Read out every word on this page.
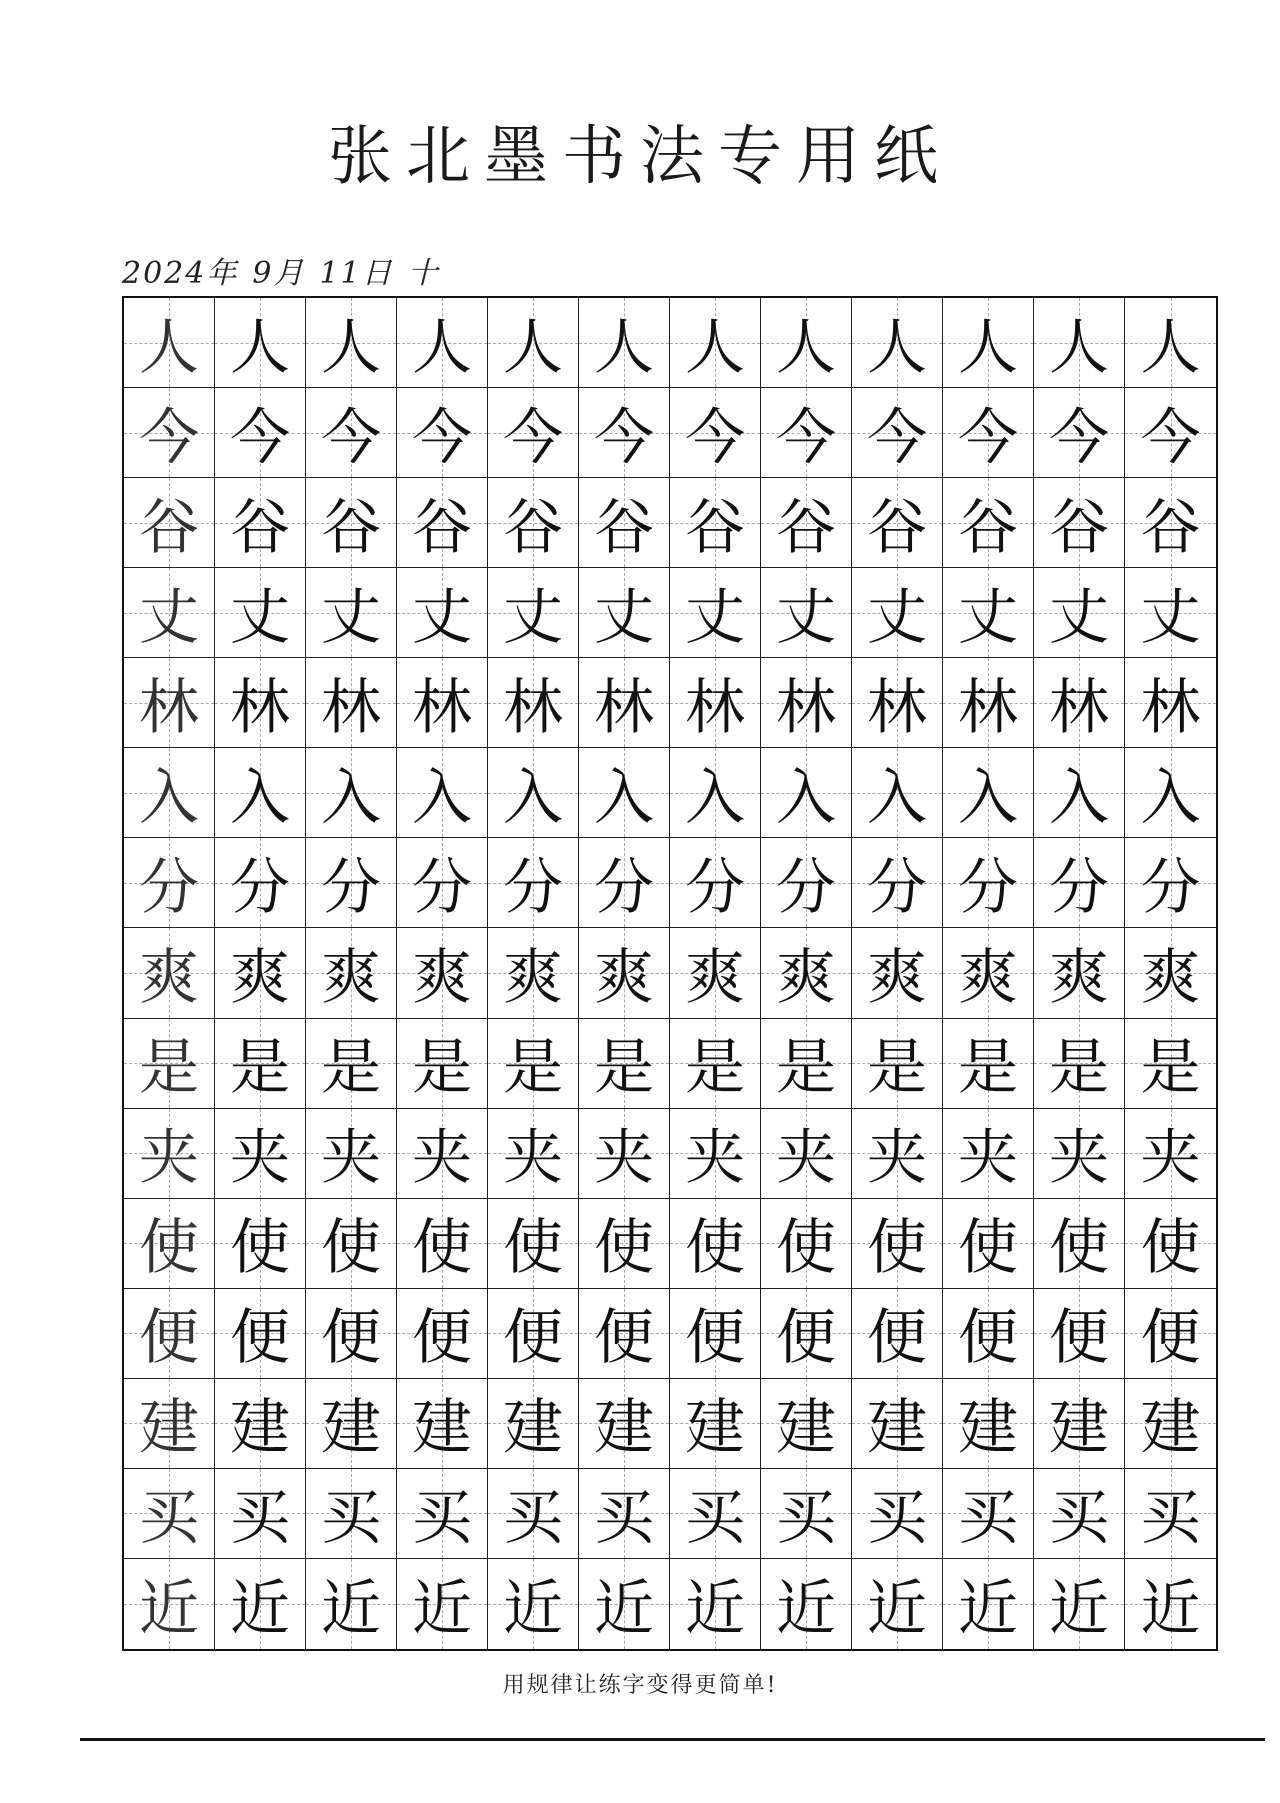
张北墨书法专用纸
2024年 9月 11日 十
人 人 人 人 人 人 人 人 人 人 人 人
今 今 今 今 今 今 今 今 今 今 今 今
谷 谷 谷 谷 谷 谷 谷 谷 谷 谷 谷 谷
丈 丈 丈 丈 丈 丈 丈 丈 丈 丈 丈 丈
林 林 林 林 林 林 林 林 林 林 林 林
入 入 入 入 入 入 入 入 入 入 入 入
分 分 分 分 分 分 分 分 分 分 分 分
爽 爽 爽 爽 爽 爽 爽 爽 爽 爽 爽 爽
是 是 是 是 是 是 是 是 是 是 是 是
夹 夹 夹 夹 夹 夹 夹 夹 夹 夹 夹 夹
使 使 使 使 使 使 使 使 使 使 使 使
便 便 便 便 便 便 便 便 便 便 便 便
建 建 建 建 建 建 建 建 建 建 建 建
买 买 买 买 买 买 买 买 买 买 买 买
近 近 近 近 近 近 近 近 近 近 近 近
用规律让练字变得更简单!
